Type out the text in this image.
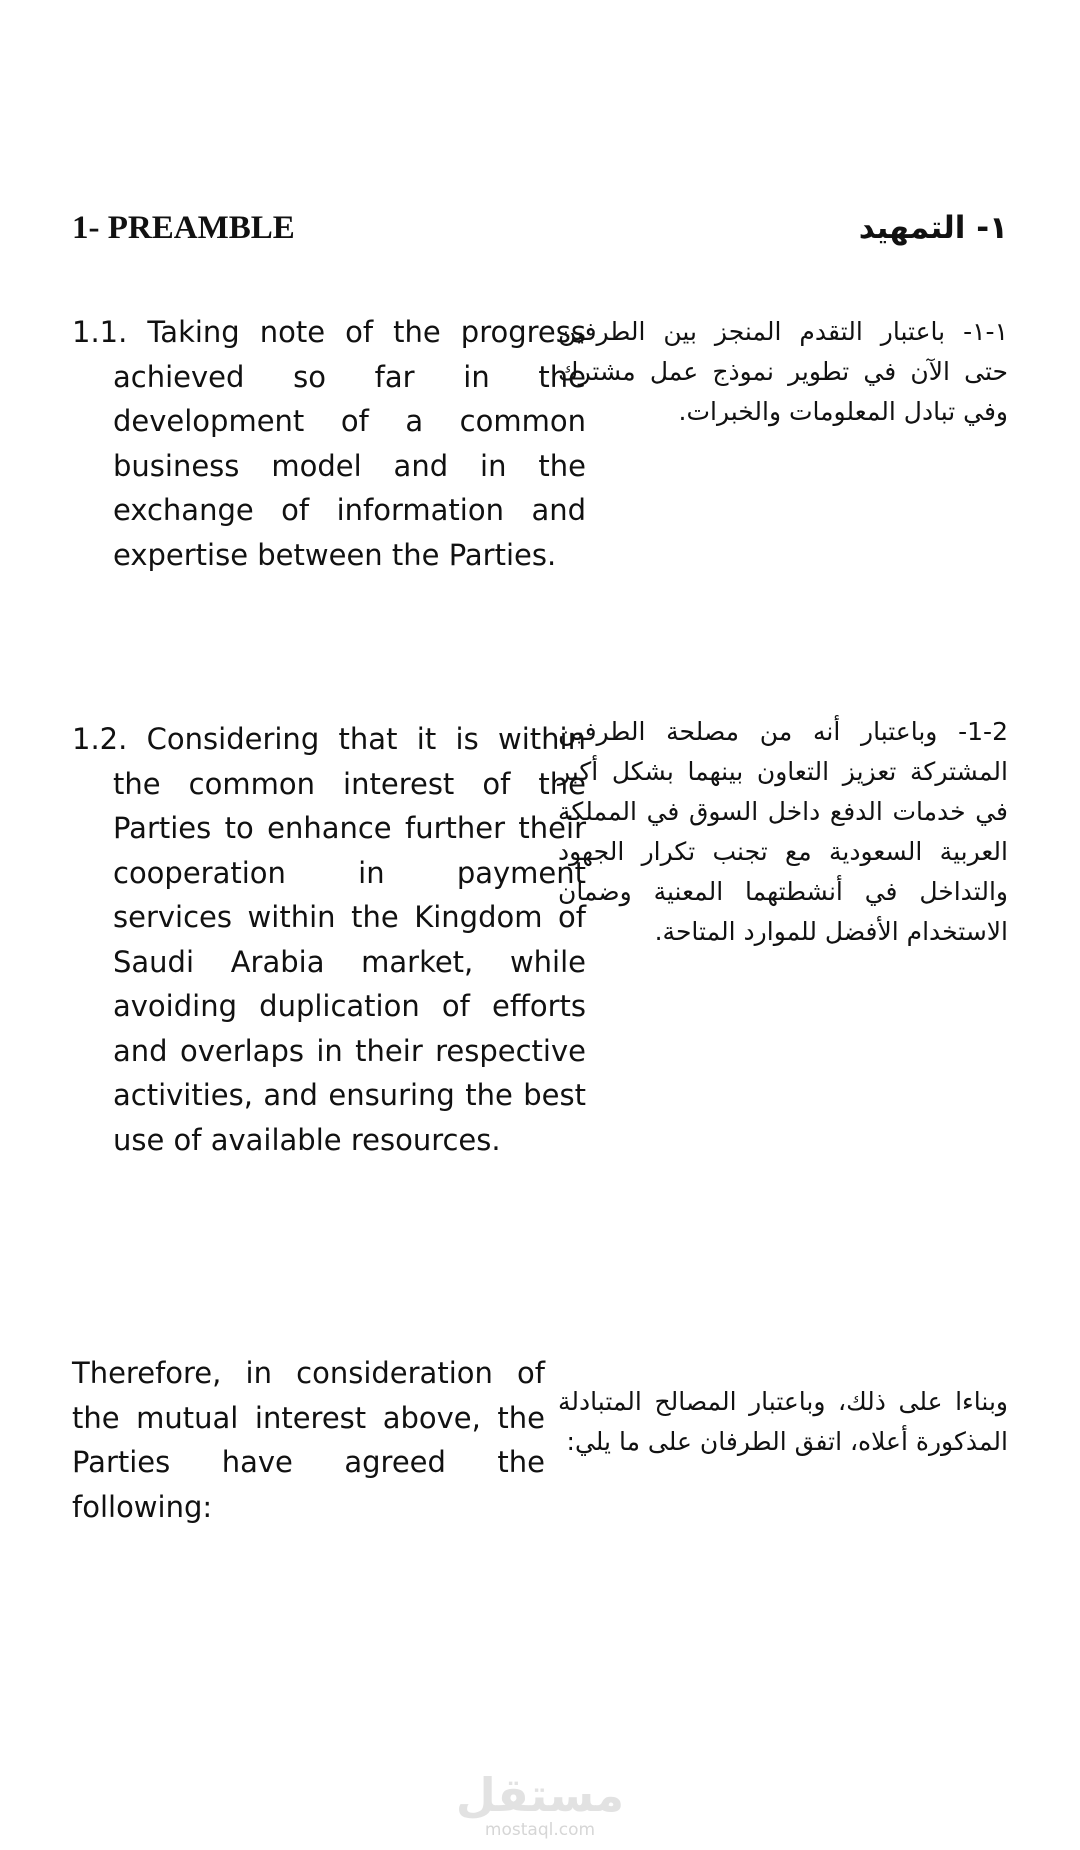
1- PREAMBLE	١- التمهيد

1.1. Taking note of the progress achieved so far in the development of a common business model and in the exchange of information and expertise between the Parties.

١-١- باعتبار التقدم المنجز بين الطرفين حتى الآن في تطوير نموذج عمل مشترك وفي تبادل المعلومات والخبرات.

1.2. Considering that it is within the common interest of the Parties to enhance further their cooperation in payment services within the Kingdom of Saudi Arabia market, while avoiding duplication of efforts and overlaps in their respective activities, and ensuring the best use of available resources.

1-2- وباعتبار أنه من مصلحة الطرفين المشتركة تعزيز التعاون بينهما بشكل أكبر في خدمات الدفع داخل السوق في المملكة العربية السعودية مع تجنب تكرار الجهود والتداخل في أنشطتهما المعنية وضمان الاستخدام الأفضل للموارد المتاحة.

Therefore, in consideration of the mutual interest above, the Parties have agreed the following:

وبناءا على ذلك، وباعتبار المصالح المتبادلة المذكورة أعلاه، اتفق الطرفان على ما يلي:

مستقل
mostaql.com
